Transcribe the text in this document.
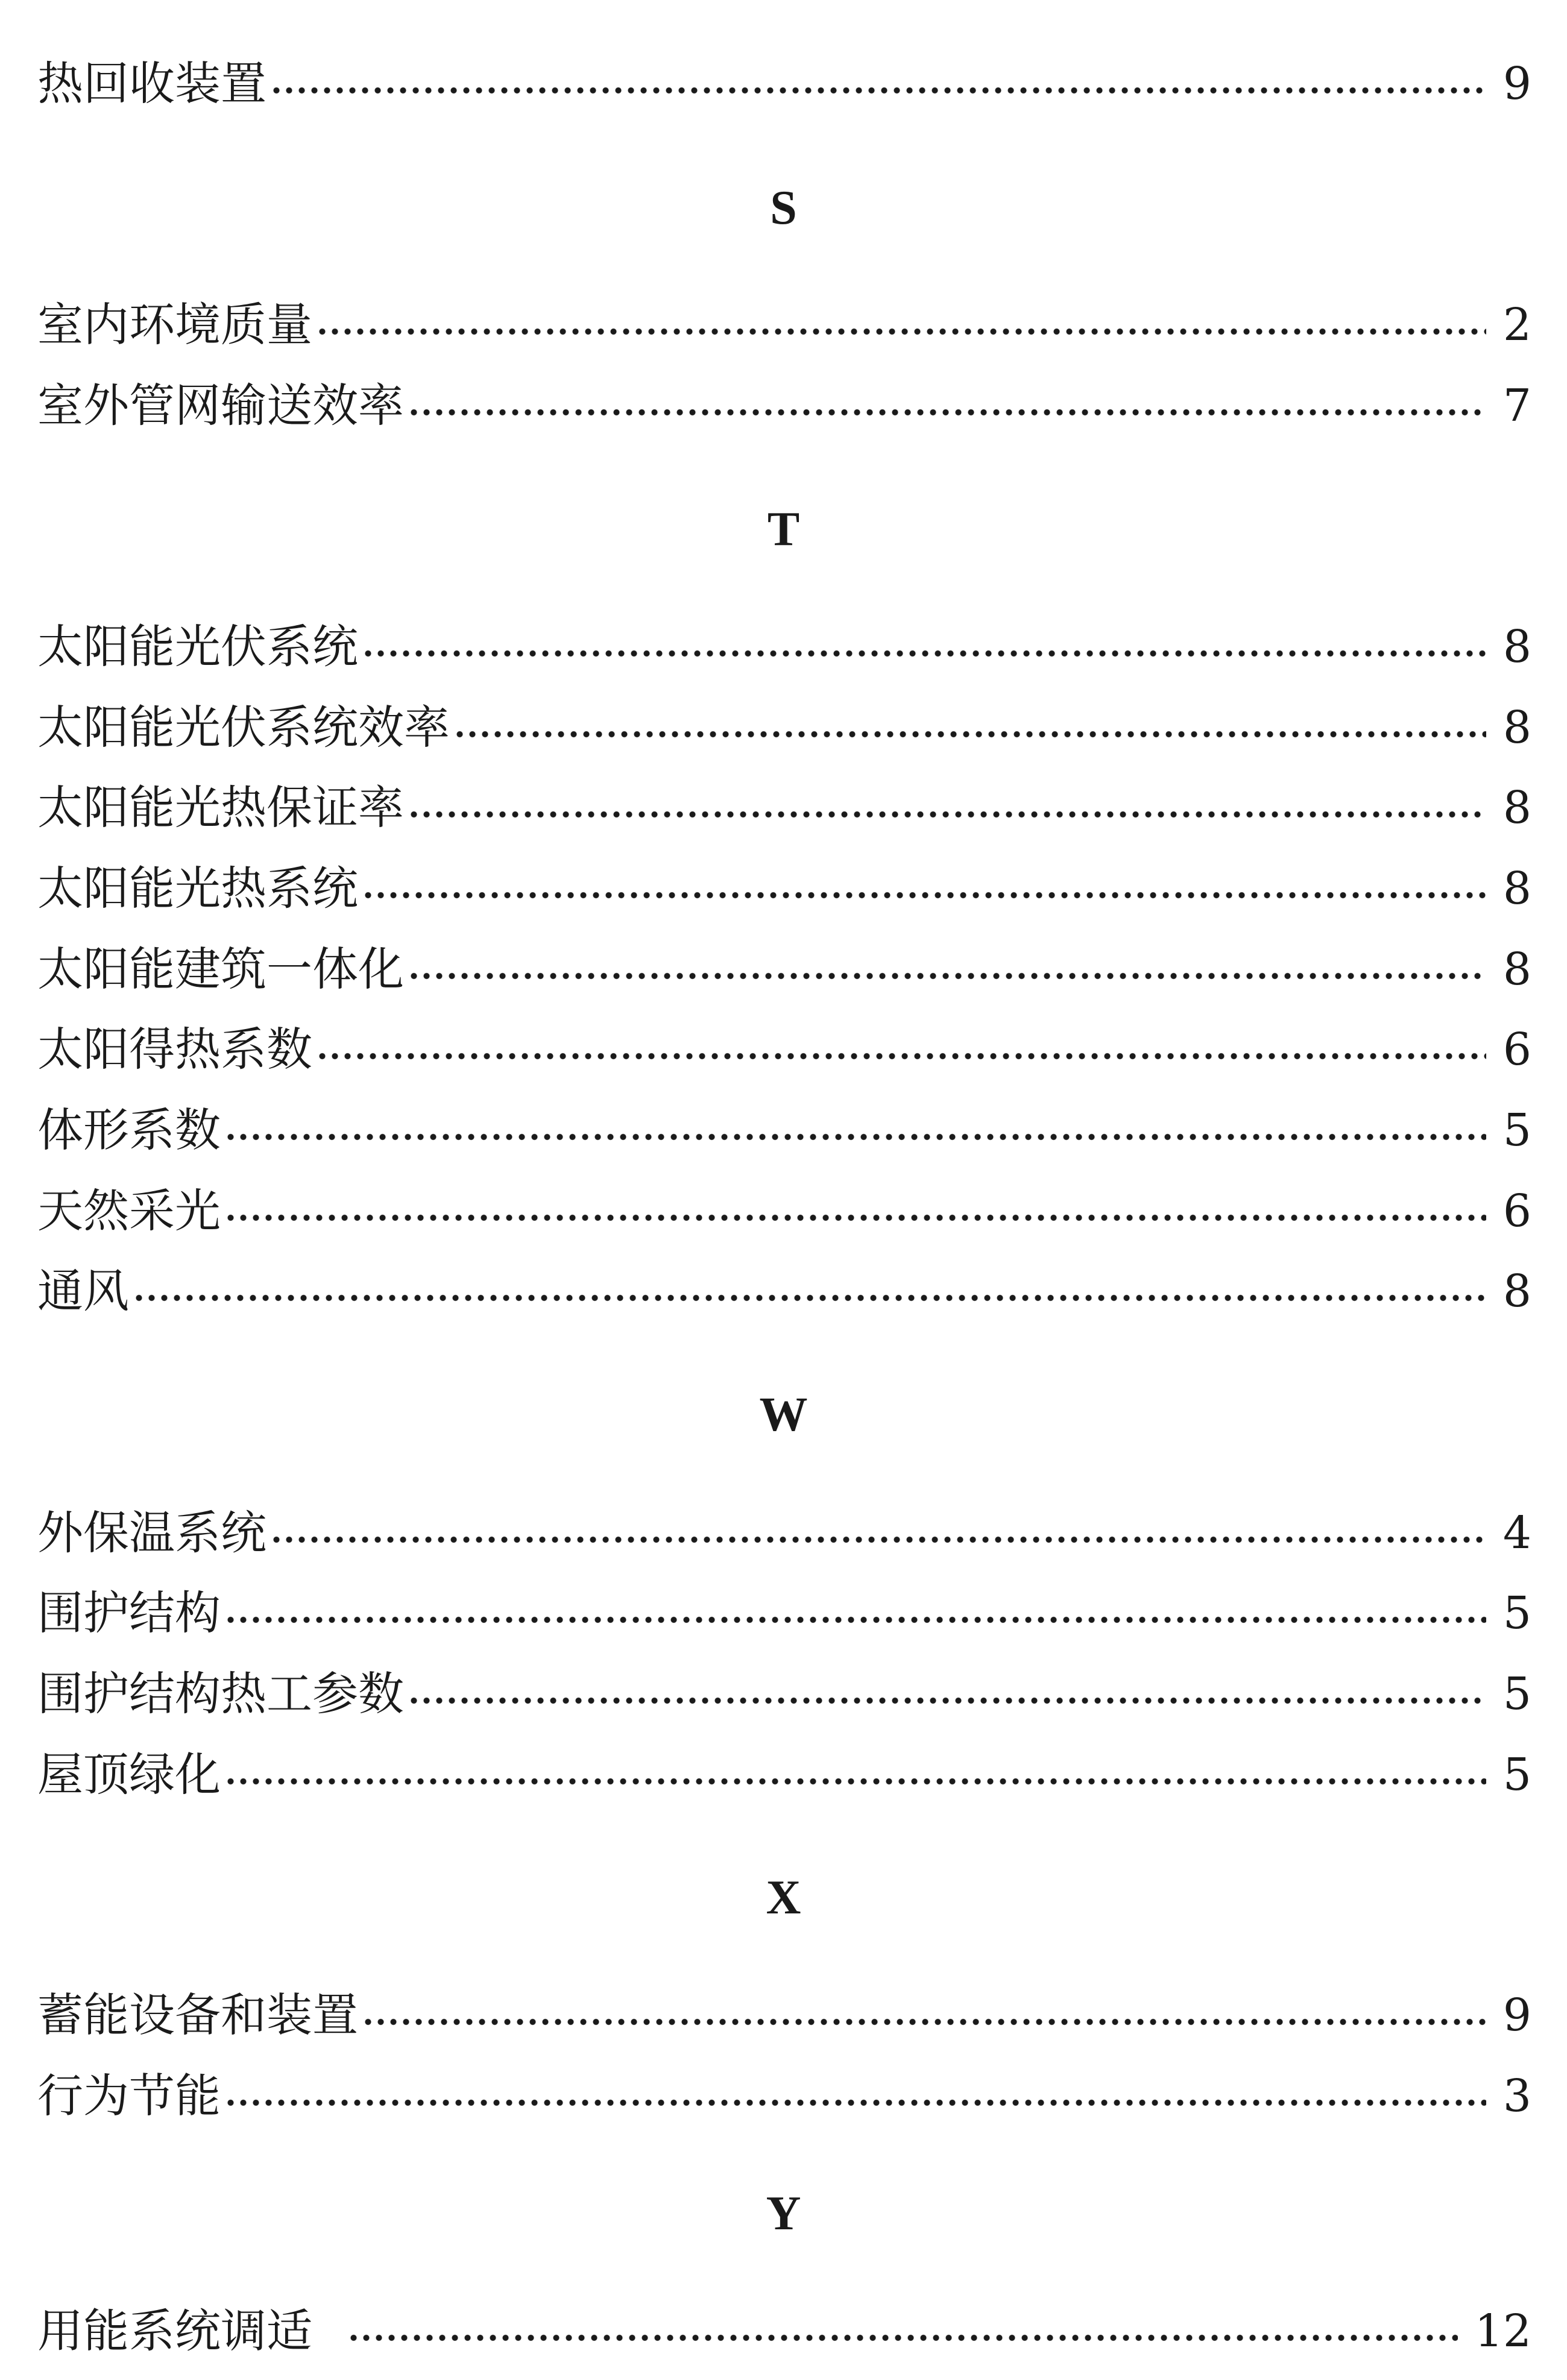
热回收装置	9
S
室内环境质量	2
室外管网输送效率	7
T
太阳能光伏系统	8
太阳能光伏系统效率	8
太阳能光热保证率	8
太阳能光热系统	8
太阳能建筑一体化	8
太阳得热系数	6
体形系数	5
天然采光	6
通风	8
W
外保温系统	4
围护结构	5
围护结构热工参数	5
屋顶绿化	5
X
蓄能设备和装置	9
行为节能	3
Y
用能系统调适	12
